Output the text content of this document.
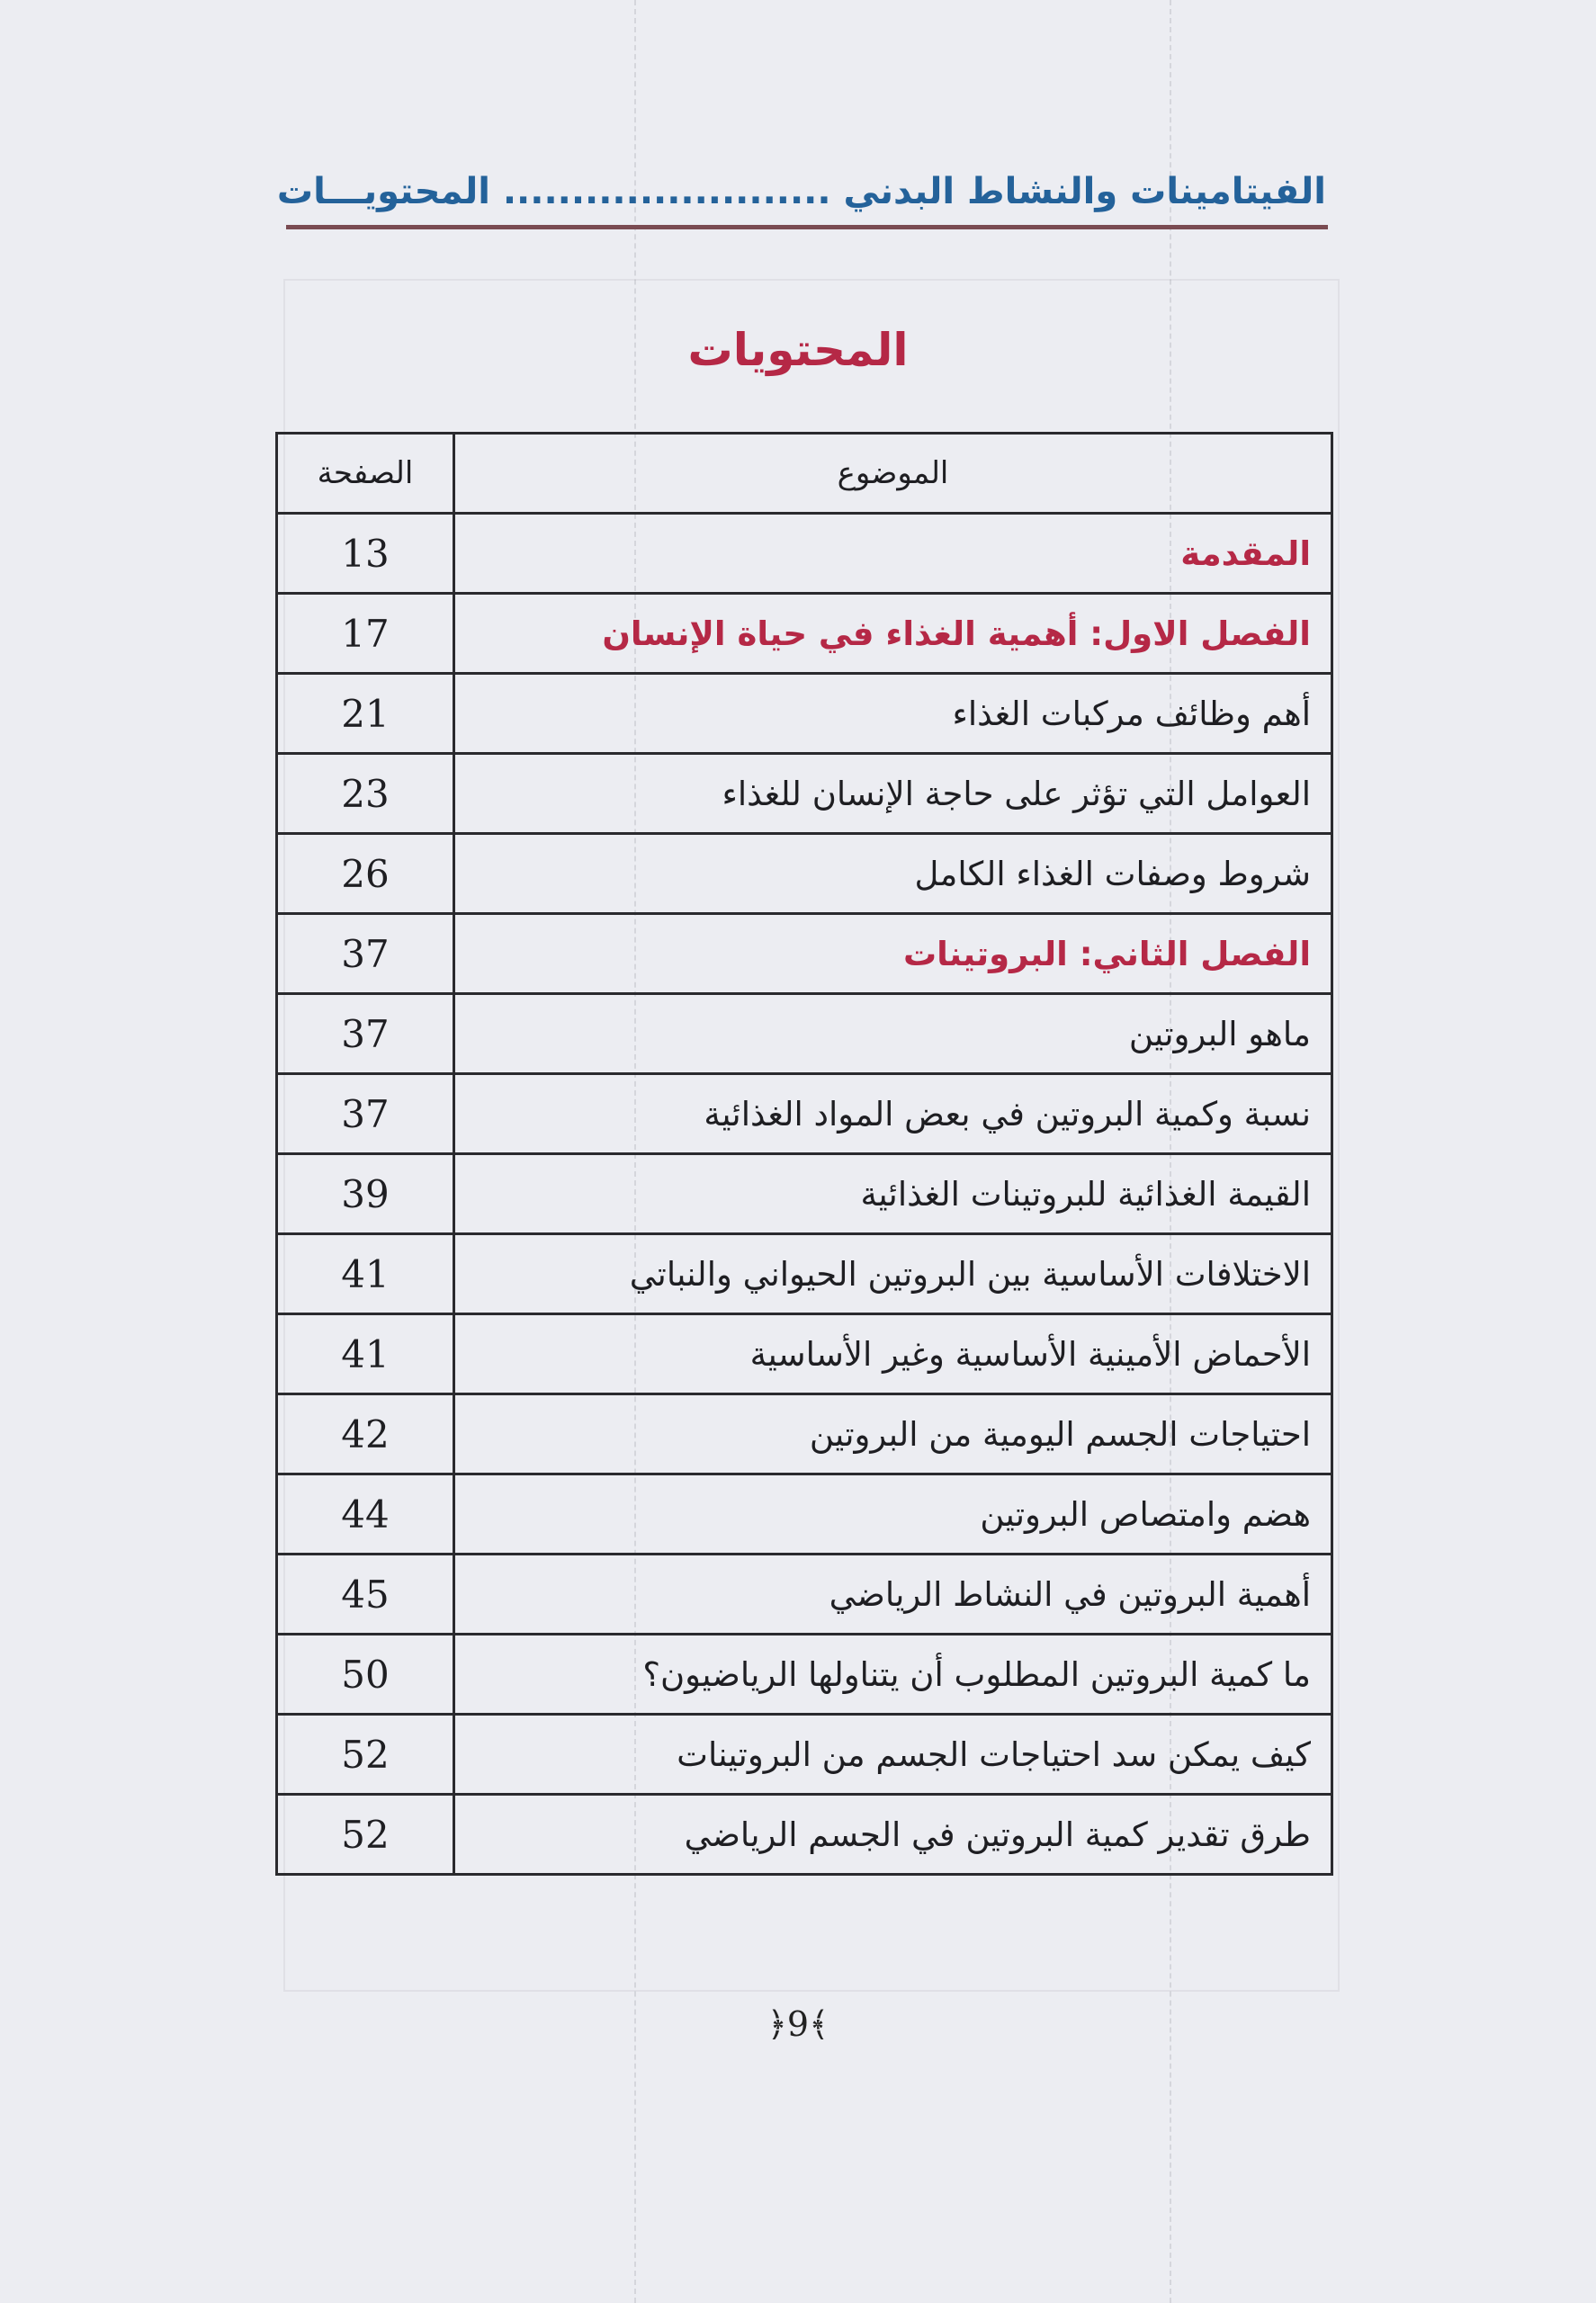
الفيتامينات والنشاط البدني ........................ المحتويـــات
المحتويات
الموضوع	الصفحة
المقدمة	13
الفصل الاول: أهمية الغذاء في حياة الإنسان	17
أهم وظائف مركبات الغذاء	21
العوامل التي تؤثر على حاجة الإنسان للغذاء	23
شروط وصفات الغذاء الكامل	26
الفصل الثاني: البروتينات	37
ماهو البروتين	37
نسبة وكمية البروتين في بعض المواد الغذائية	37
القيمة الغذائية للبروتينات الغذائية	39
الاختلافات الأساسية بين البروتين الحيواني والنباتي	41
الأحماض الأمينية الأساسية وغير الأساسية	41
احتياجات الجسم اليومية من البروتين	42
هضم وامتصاص البروتين	44
أهمية البروتين في النشاط الرياضي	45
ما كمية البروتين المطلوب أن يتناولها الرياضيون؟	50
كيف يمكن سد احتياجات الجسم من البروتينات	52
طرق تقدير كمية البروتين في الجسم الرياضي	52
﴿9﴾
